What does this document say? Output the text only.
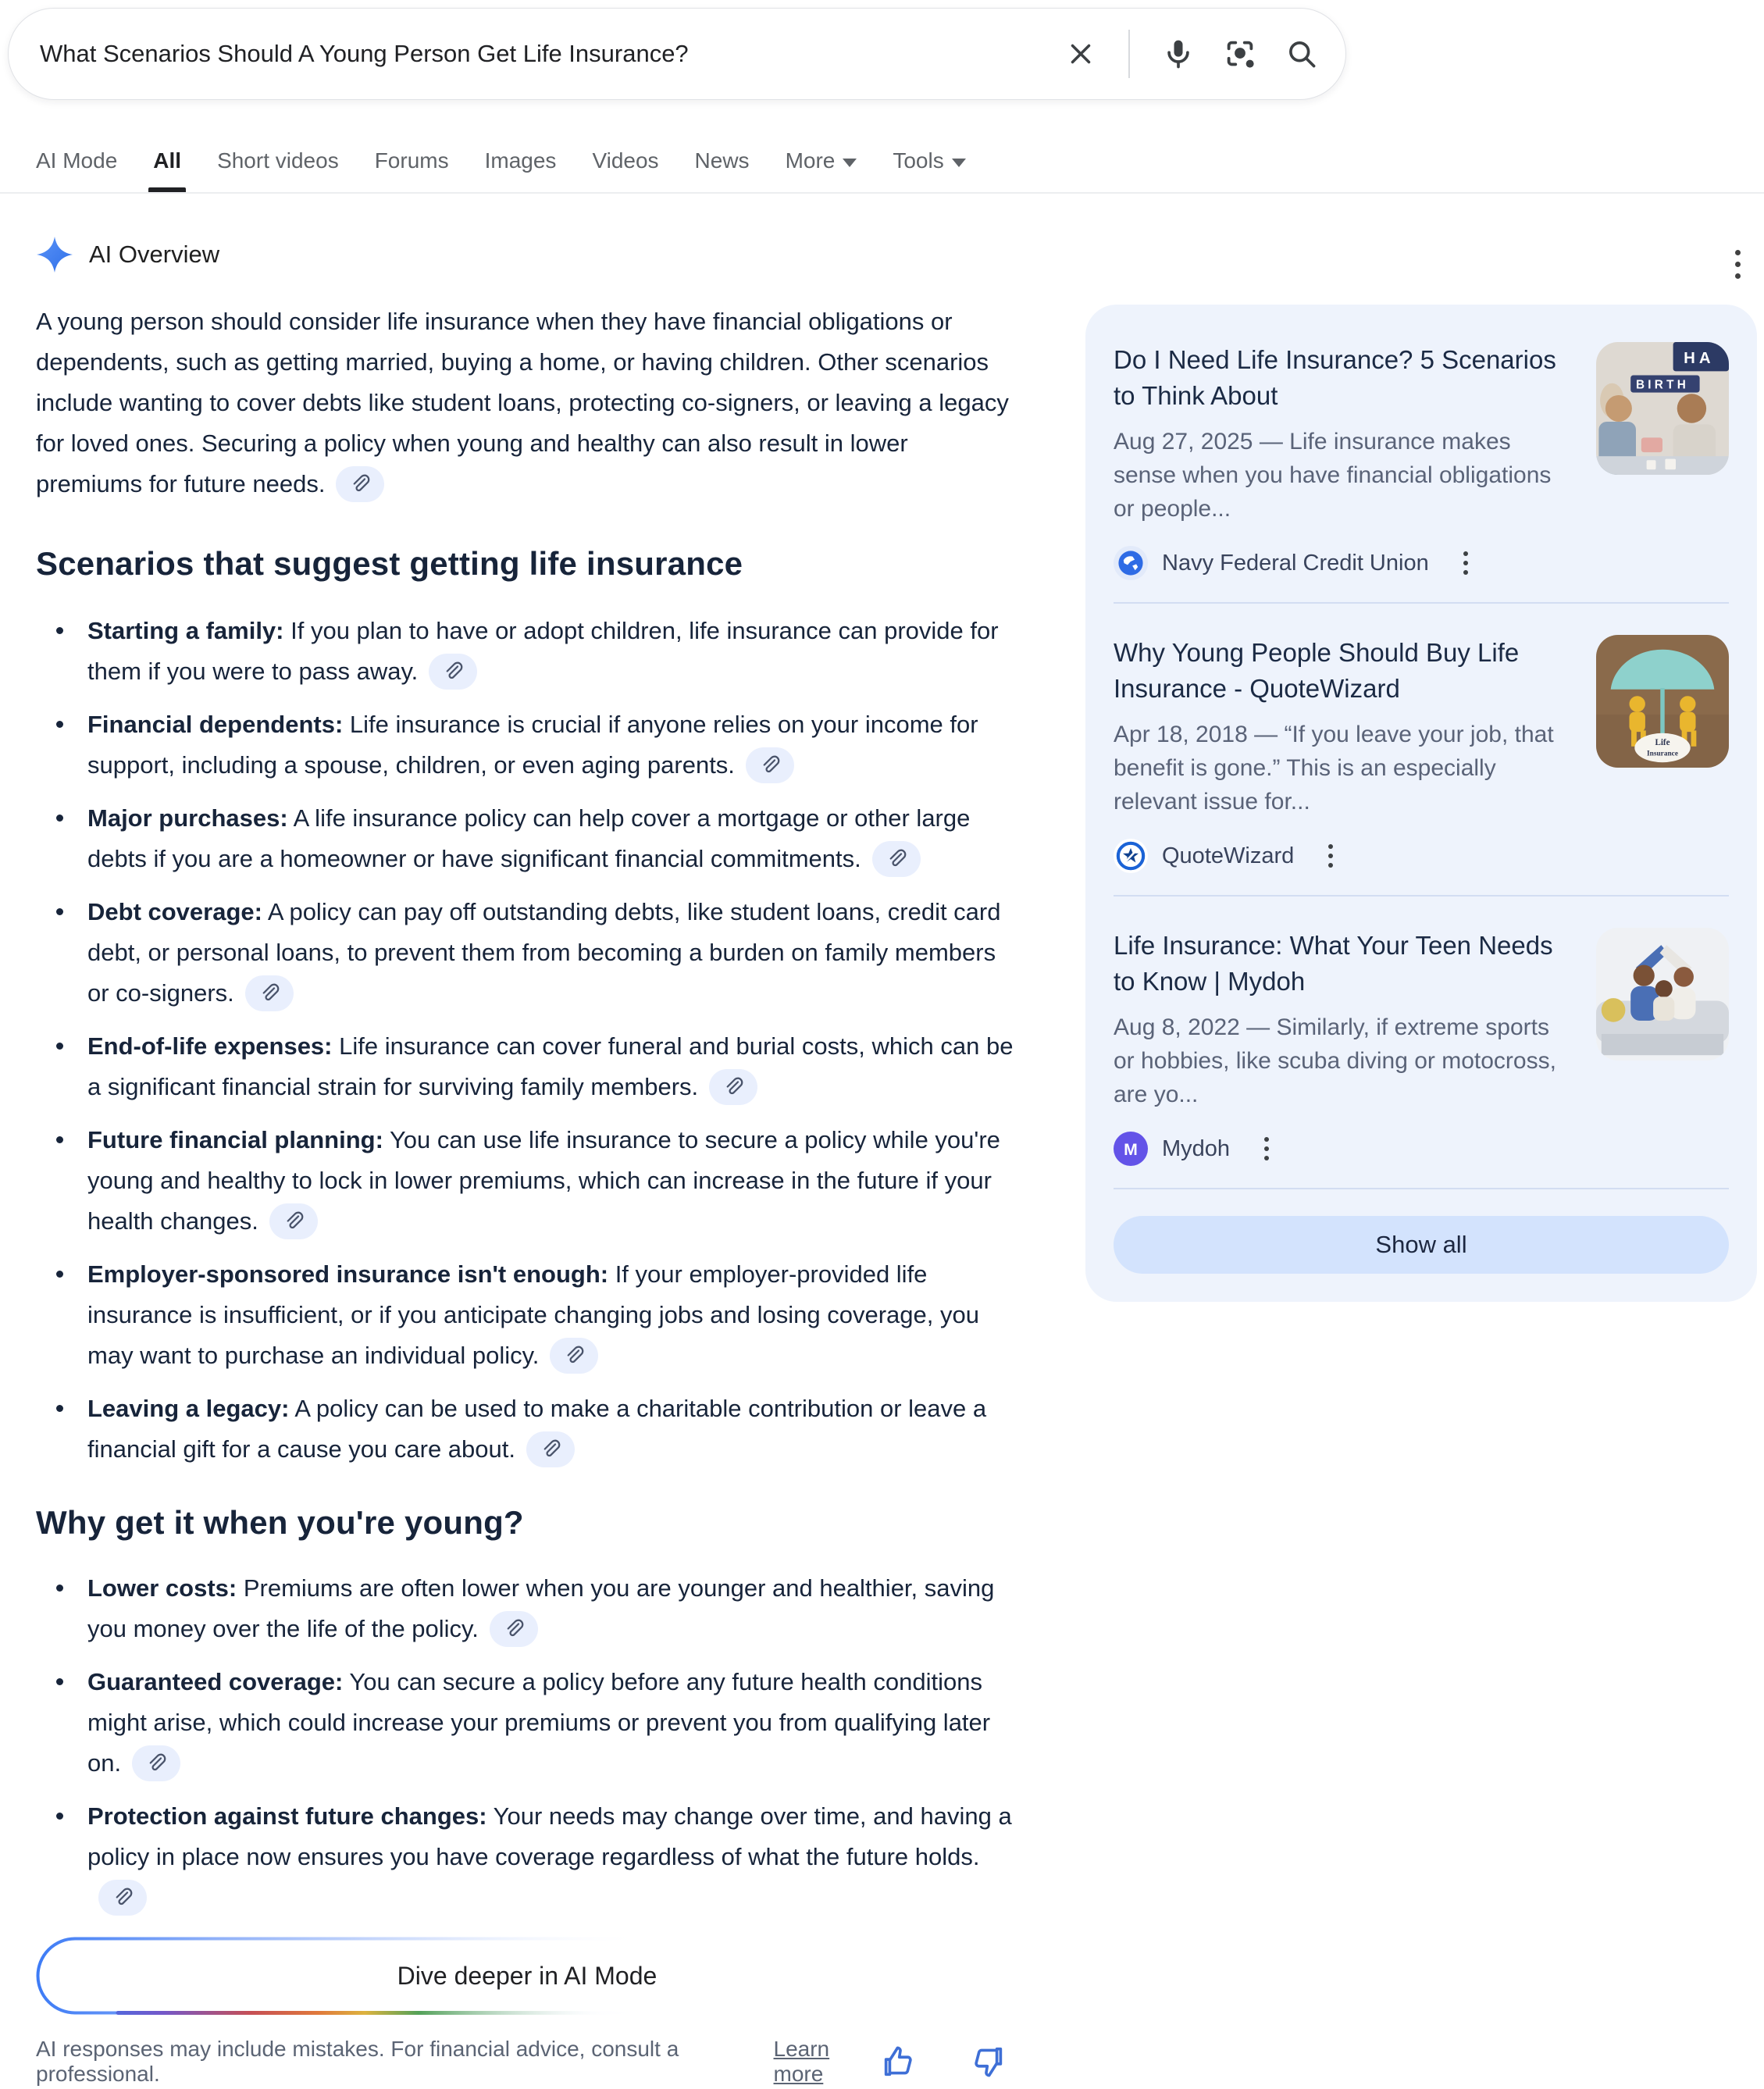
What Scenarios Should A Young Person Get Life Insurance?
AI Mode All Short videos Forums Images Videos News More	Tools
AI Overview

A young person should consider life insurance when they have financial obligations or dependents, such as getting married, buying a home, or having children. Other scenarios include wanting to cover debts like student loans, protecting co-signers, or leaving a legacy for loved ones. Securing a policy when young and healthy can also result in lower premiums for future needs.

Scenarios that suggest getting life insurance
Starting a family: If you plan to have or adopt children, life insurance can provide for them if you were to pass away.
Financial dependents: Life insurance is crucial if anyone relies on your income for support, including a spouse, children, or even aging parents.
Major purchases: A life insurance policy can help cover a mortgage or other large debts if you are a homeowner or have significant financial commitments.
Debt coverage: A policy can pay off outstanding debts, like student loans, credit card debt, or personal loans, to prevent them from becoming a burden on family members or co-signers.
End-of-life expenses: Life insurance can cover funeral and burial costs, which can be a significant financial strain for surviving family members.
Future financial planning: You can use life insurance to secure a policy while you're young and healthy to lock in lower premiums, which can increase in the future if your health changes.
Employer-sponsored insurance isn't enough: If your employer-provided life insurance is insufficient, or if you anticipate changing jobs and losing coverage, you may want to purchase an individual policy.
Leaving a legacy: A policy can be used to make a charitable contribution or leave a financial gift for a cause you care about.
Why get it when you're young?
Lower costs: Premiums are often lower when you are younger and healthier, saving you money over the life of the policy.
Guaranteed coverage: You can secure a policy before any future health conditions might arise, which could increase your premiums or prevent you from qualifying later on.
Protection against future changes: Your needs may change over time, and having a policy in place now ensures you have coverage regardless of what the future holds.
Dive deeper in AI Mode
AI responses may include mistakes. For financial advice, consult a professional.
Learn more
Do I Need Life Insurance? 5 Scenarios to Think About
Aug 27, 2025 — Life insurance makes sense when you have financial obligations or people...
Navy Federal Credit Union
H A
B I R T H
Why Young People Should Buy Life Insurance - QuoteWizard
Apr 18, 2018 — “If you leave your job, that benefit is gone.” This is an especially relevant issue for...
QuoteWizard
Life
Insurance
Life Insurance: What Your Teen Needs to Know | Mydoh
Aug 8, 2022 — Similarly, if extreme sports or hobbies, like scuba diving or motocross, are yo...
M Mydoh
Show all
